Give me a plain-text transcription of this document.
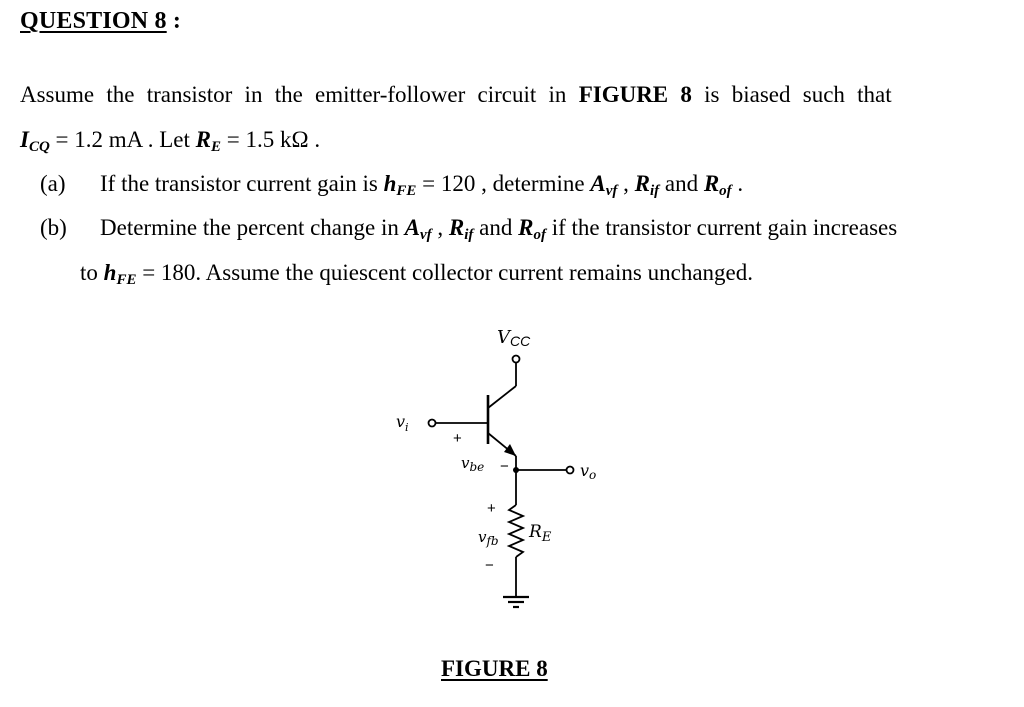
QUESTION 8 :
Assume the transistor in the emitter-follower circuit in FIGURE 8 is biased such that
$I_{CQ} = 1.2$ mA . Let $R_E = 1.5$ kΩ .
(a) If the transistor current gain is $h_{FE} = 120$ , determine $A_{vf}$ , $R_{if}$ and $R_{of}$ .
(b) Determine the percent change in $A_{vf}$ , $R_{if}$ and $R_{of}$ if the transistor current gain increases
to $h_{FE} = 180$. Assume the quiescent collector current remains unchanged.
VCC
$v_i$
+
$v_{be}$ −
+
$v_{fb}$
−
vo
$R_E$
FIGURE 8
